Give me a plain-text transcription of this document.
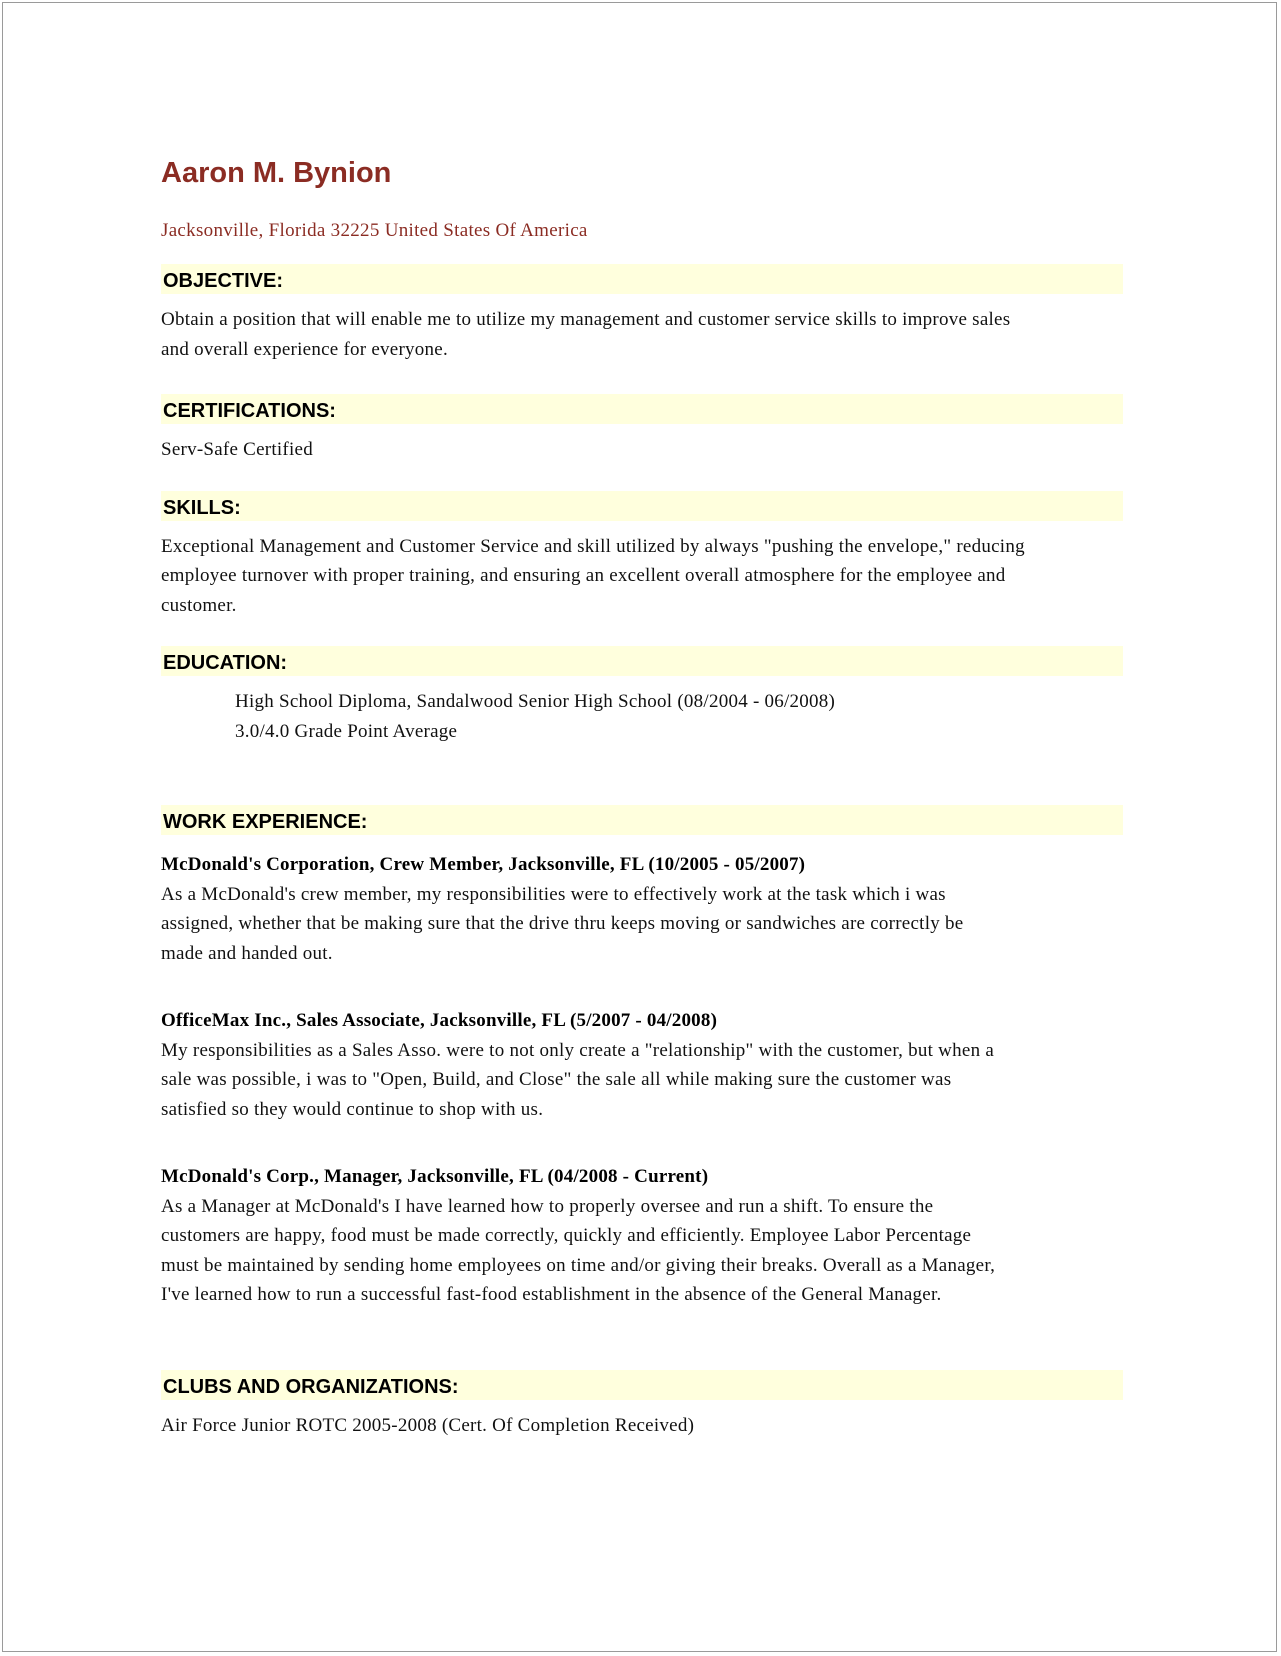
Aaron M. Bynion
Jacksonville, Florida 32225 United States Of America
OBJECTIVE:

Obtain a position that will enable me to utilize my management and customer service skills to improve sales

and overall experience for everyone.

CERTIFICATIONS:

Serv-Safe Certified

SKILLS:

Exceptional Management and Customer Service and skill utilized by always "pushing the envelope," reducing

employee turnover with proper training, and ensuring an excellent overall atmosphere for the employee and

customer.

EDUCATION:

High School Diploma, Sandalwood Senior High School (08/2004 - 06/2008)

3.0/4.0 Grade Point Average

WORK EXPERIENCE:

McDonald's Corporation, Crew Member, Jacksonville, FL (10/2005 - 05/2007)

As a McDonald's crew member, my responsibilities were to effectively work at the task which i was

assigned, whether that be making sure that the drive thru keeps moving or sandwiches are correctly be

made and handed out.

OfficeMax Inc., Sales Associate, Jacksonville, FL (5/2007 - 04/2008)

My responsibilities as a Sales Asso. were to not only create a "relationship" with the customer, but when a

sale was possible, i was to "Open, Build, and Close" the sale all while making sure the customer was

satisfied so they would continue to shop with us.

McDonald's Corp., Manager, Jacksonville, FL (04/2008 - Current)

As a Manager at McDonald's I have learned how to properly oversee and run a shift. To ensure the

customers are happy, food must be made correctly, quickly and efficiently. Employee Labor Percentage

must be maintained by sending home employees on time and/or giving their breaks. Overall as a Manager,

I've learned how to run a successful fast-food establishment in the absence of the General Manager.

CLUBS AND ORGANIZATIONS:

Air Force Junior ROTC 2005-2008 (Cert. Of Completion Received)
